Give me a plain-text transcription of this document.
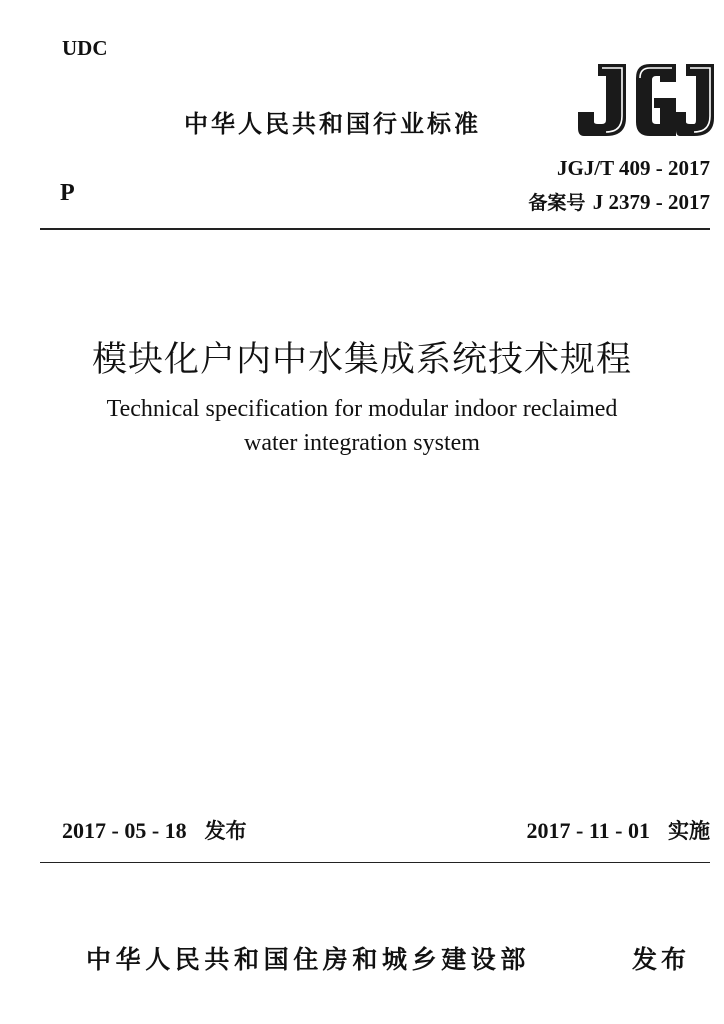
UDC
中华人民共和国行业标准
JGJ/T 409 - 2017
备案号 J 2379 - 2017
P
模块化户内中水集成系统技术规程
Technical specification for modular indoor reclaimed
water integration system
2017 - 05 - 18 发布	2017 - 11 - 01 实施
中华人民共和国住房和城乡建设部	发布
